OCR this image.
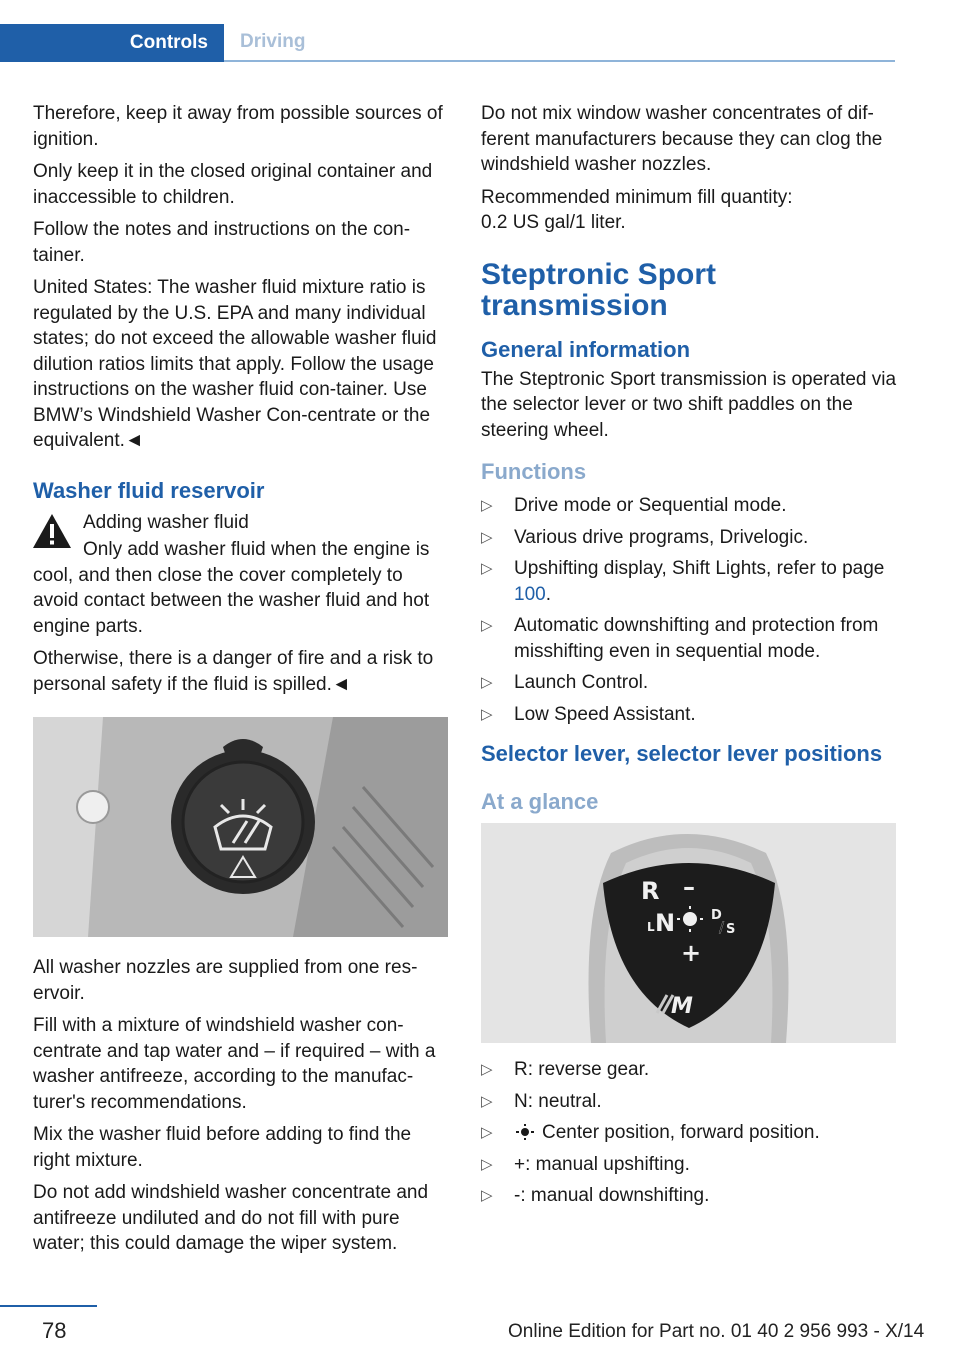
Controls	Driving

Therefore, keep it away from possible sources of ignition.

Only keep it in the closed original container and inaccessible to children.

Follow the notes and instructions on the con-tainer.

United States: The washer fluid mixture ratio is regulated by the U.S. EPA and many individual states; do not exceed the allowable washer fluid dilution ratios limits that apply. Follow the usage instructions on the washer fluid con-tainer. Use BMW’s Windshield Washer Con-centrate or the equivalent.◄

Washer fluid reservoir

Adding washer fluid

Only add washer fluid when the engine is cool, and then close the cover completely to avoid contact between the washer fluid and hot engine parts.

Otherwise, there is a danger of fire and a risk to personal safety if the fluid is spilled.◄

All washer nozzles are supplied from one res-ervoir.

Fill with a mixture of windshield washer con-centrate and tap water and – if required – with a washer antifreeze, according to the manufac-turer's recommendations.

Mix the washer fluid before adding to find the right mixture.

Do not add windshield washer concentrate and antifreeze undiluted and do not fill with pure water; this could damage the wiper system.

Do not mix window washer concentrates of dif-ferent manufacturers because they can clog the windshield washer nozzles.

Recommended minimum fill quantity:
0.2 US gal/1 liter.

Steptronic Sport transmission
General information

The Steptronic Sport transmission is operated via the selector lever or two shift paddles on the steering wheel.

Functions
▷ Drive mode or Sequential mode.
▷ Various drive programs, Drivelogic.
▷ Upshifting display, Shift Lights, refer to page 100.
▷ Automatic downshifting and protection from misshifting even in sequential mode.
▷ Launch Control.
▷ Low Speed Assistant.
Selector lever, selector lever positions
At a glance
R –
L N	D
/ S
+
M
▷ R: reverse gear.
▷ N: neutral.
▷	Center position, forward position.
▷ +: manual upshifting.
▷ -: manual downshifting.
78	Online Edition for Part no. 01 40 2 956 993 - X/14
